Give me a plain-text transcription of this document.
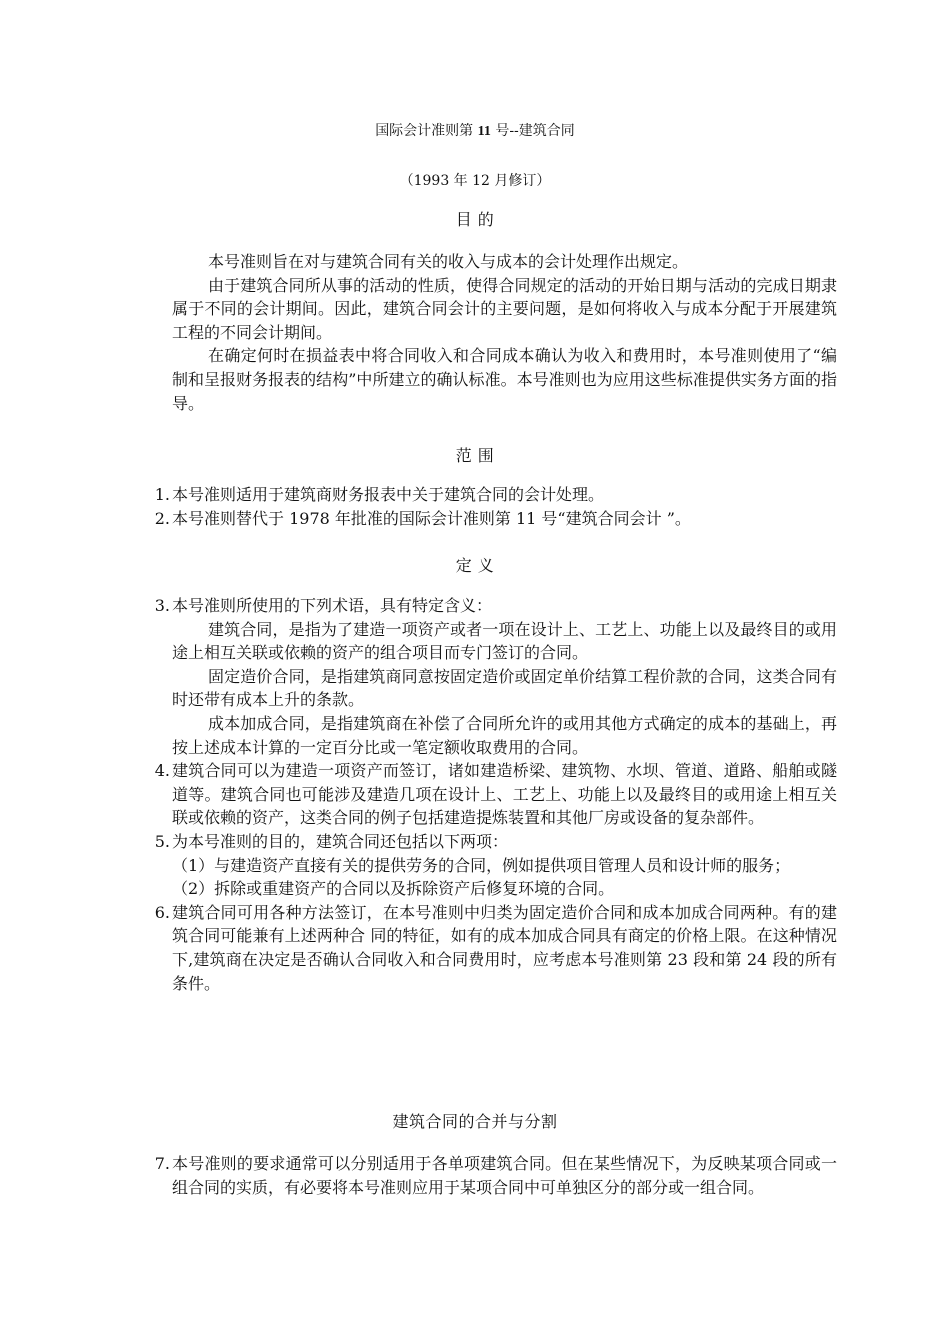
国际会计准则第 11 号--建筑合同
（1993 年 12 月修订）
目 的

本号准则旨在对与建筑合同有关的收入与成本的会计处理作出规定。

由于建筑合同所从事的活动的性质，使得合同规定的活动的开始日期与活动的完成日期隶属于不同的会计期间。因此，建筑合同会计的主要问题，是如何将收入与成本分配于开展建筑工程的不同会计期间。

在确定何时在损益表中将合同收入和合同成本确认为收入和费用时，本号准则使用了“编制和呈报财务报表的结构”中所建立的确认标准。本号准则也为应用这些标准提供实务方面的指导。

范 围
1. 本号准则适用于建筑商财务报表中关于建筑合同的会计处理。
2. 本号准则替代于 1978 年批准的国际会计准则第 11 号“建筑合同会计 ”。
定 义
3. 本号准则所使用的下列术语，具有特定含义：

建筑合同，是指为了建造一项资产或者一项在设计上、工艺上、功能上以及最终目的或用途上相互关联或依赖的资产的组合项目而专门签订的合同。

固定造价合同，是指建筑商同意按固定造价或固定单价结算工程价款的合同，这类合同有时还带有成本上升的条款。

成本加成合同，是指建筑商在补偿了合同所允许的或用其他方式确定的成本的基础上，再按上述成本计算的一定百分比或一笔定额收取费用的合同。

4. 建筑合同可以为建造一项资产而签订，诸如建造桥梁、建筑物、水坝、管道、道路、船舶或隧道等。建筑合同也可能涉及建造几项在设计上、工艺上、功能上以及最终目的或用途上相互关联或依赖的资产，这类合同的例子包括建造提炼装置和其他厂房或设备的复杂部件。
5. 为本号准则的目的，建筑合同还包括以下两项：

（1）与建造资产直接有关的提供劳务的合同，例如提供项目管理人员和设计师的服务；

（2）拆除或重建资产的合同以及拆除资产后修复环境的合同。

6. 建筑合同可用各种方法签订，在本号准则中归类为固定造价合同和成本加成合同两种。有的建筑合同可能兼有上述两种合 同的特征，如有的成本加成合同具有商定的价格上限。在这种情况下,建筑商在决定是否确认合同收入和合同费用时，应考虑本号准则第 23 段和第 24 段的所有条件。
建筑合同的合并与分割
7. 本号准则的要求通常可以分别适用于各单项建筑合同。但在某些情况下，为反映某项合同或一组合同的实质，有必要将本号准则应用于某项合同中可单独区分的部分或一组合同。
